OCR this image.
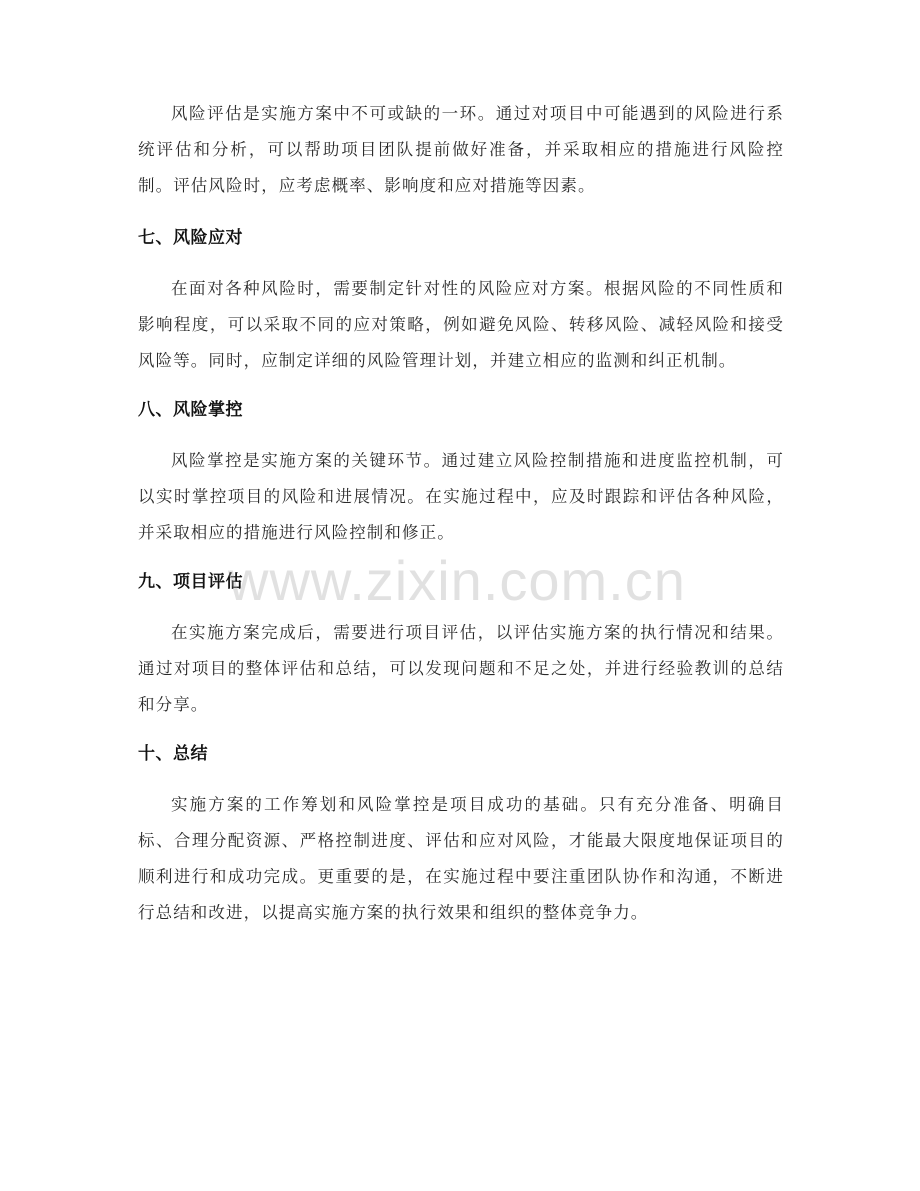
风险评估是实施方案中不可或缺的一环。通过对项目中可能遇到的风险进行系统评估和分析，可以帮助项目团队提前做好准备，并采取相应的措施进行风险控制。评估风险时，应考虑概率、影响度和应对措施等因素。

七、风险应对

在面对各种风险时，需要制定针对性的风险应对方案。根据风险的不同性质和影响程度，可以采取不同的应对策略，例如避免风险、转移风险、减轻风险和接受风险等。同时，应制定详细的风险管理计划，并建立相应的监测和纠正机制。

八、风险掌控

风险掌控是实施方案的关键环节。通过建立风险控制措施和进度监控机制，可以实时掌控项目的风险和进展情况。在实施过程中，应及时跟踪和评估各种风险，并采取相应的措施进行风险控制和修正。

九、项目评估

在实施方案完成后，需要进行项目评估，以评估实施方案的执行情况和结果。通过对项目的整体评估和总结，可以发现问题和不足之处，并进行经验教训的总结和分享。

十、总结

实施方案的工作筹划和风险掌控是项目成功的基础。只有充分准备、明确目标、合理分配资源、严格控制进度、评估和应对风险，才能最大限度地保证项目的顺利进行和成功完成。更重要的是，在实施过程中要注重团队协作和沟通，不断进行总结和改进，以提高实施方案的执行效果和组织的整体竞争力。

www.zixin.com.cn
